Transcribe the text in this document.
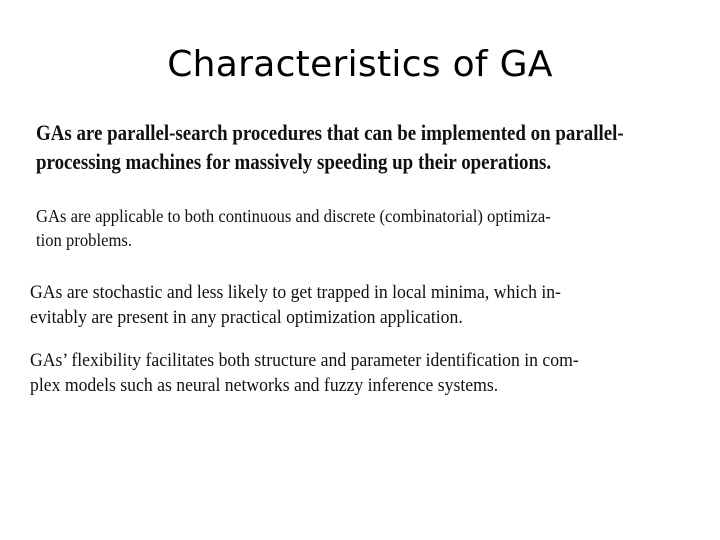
Characteristics of GA

GAs are parallel-search procedures that can be implemented on parallel-
processing machines for massively speeding up their operations.

GAs are applicable to both continuous and discrete (combinatorial) optimiza-
tion problems.

GAs are stochastic and less likely to get trapped in local minima, which in-
evitably are present in any practical optimization application.

GAs’ flexibility facilitates both structure and parameter identification in com-
plex models such as neural networks and fuzzy inference systems.
